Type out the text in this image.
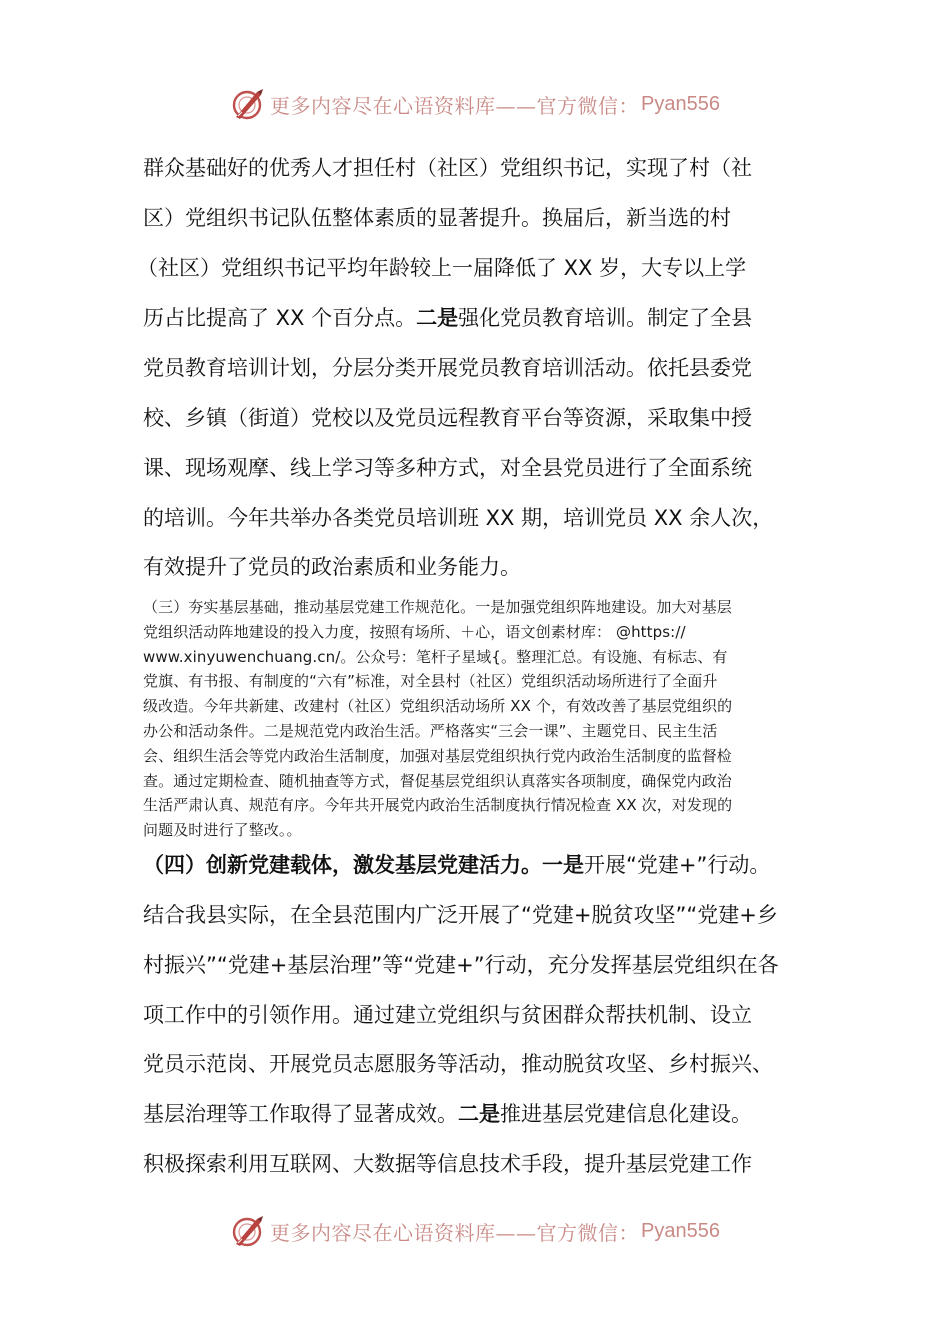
更多内容尽在心语资料库——官方微信： Pyan556
群众基础好的优秀人才担任村（社区）党组织书记，实现了村（社
区）党组织书记队伍整体素质的显著提升。换届后，新当选的村
（社区）党组织书记平均年龄较上一届降低了 XX 岁，大专以上学
历占比提高了 XX 个百分点。二是强化党员教育培训。制定了全县
党员教育培训计划，分层分类开展党员教育培训活动。依托县委党
校、乡镇（街道）党校以及党员远程教育平台等资源，采取集中授
课、现场观摩、线上学习等多种方式，对全县党员进行了全面系统
的培训。今年共举办各类党员培训班 XX 期，培训党员 XX 余人次，
有效提升了党员的政治素质和业务能力。
（三）夯实基层基础，推动基层党建工作规范化。一是加强党组织阵地建设。加大对基层
党组织活动阵地建设的投入力度，按照有场所、＋心，语文创素材库： @https://
www.xinyuwenchuang.cn/。公众号：笔杆子星域{。整理汇总。有设施、有标志、有
党旗、有书报、有制度的“六有”标准，对全县村（社区）党组织活动场所进行了全面升
级改造。今年共新建、改建村（社区）党组织活动场所 XX 个，有效改善了基层党组织的
办公和活动条件。二是规范党内政治生活。严格落实“三会一课”、主题党日、民主生活
会、组织生活会等党内政治生活制度，加强对基层党组织执行党内政治生活制度的监督检
查。通过定期检查、随机抽查等方式，督促基层党组织认真落实各项制度，确保党内政治
生活严肃认真、规范有序。今年共开展党内政治生活制度执行情况检查 XX 次，对发现的
问题及时进行了整改。。
（四）创新党建载体，激发基层党建活力。一是开展“党建+”行动。
结合我县实际，在全县范围内广泛开展了“党建+脱贫攻坚”“党建+乡
村振兴”“党建+基层治理”等“党建+”行动，充分发挥基层党组织在各
项工作中的引领作用。通过建立党组织与贫困群众帮扶机制、设立
党员示范岗、开展党员志愿服务等活动，推动脱贫攻坚、乡村振兴、
基层治理等工作取得了显著成效。二是推进基层党建信息化建设。
积极探索利用互联网、大数据等信息技术手段，提升基层党建工作
更多内容尽在心语资料库——官方微信： Pyan556
